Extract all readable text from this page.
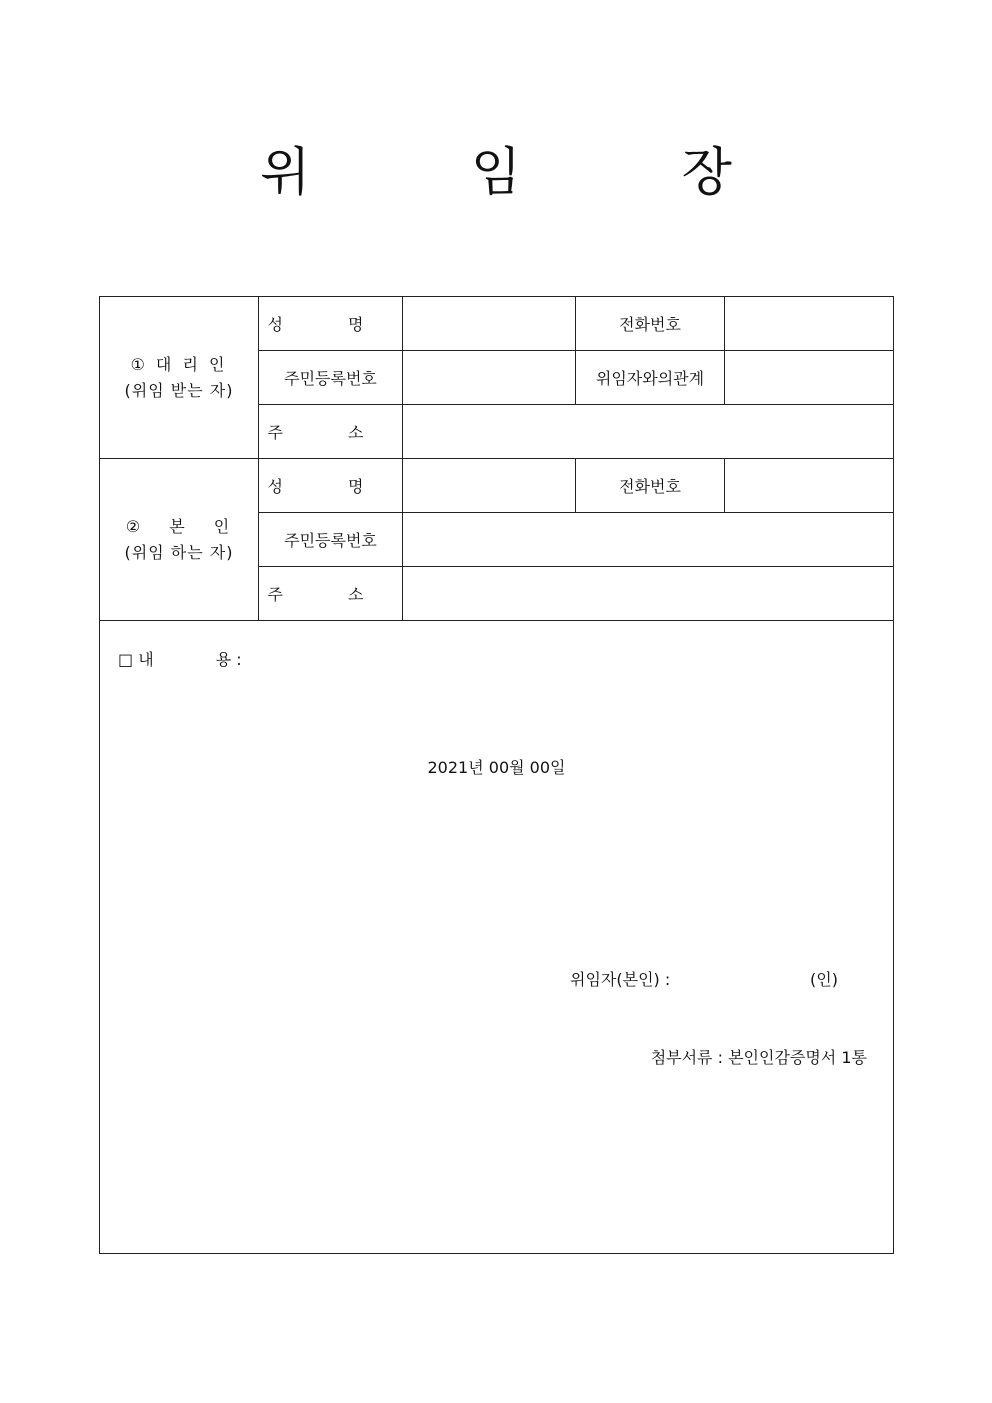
위 임 장
① 대 리 인
(위임 받는 자)	성 명		전화번호	
	주민등록번호		위임자와의관계	
	주 소			

② 본 인
(위임 하는 자)	성 명		전화번호	
	주민등록번호			
	주 소			

□ 내 용 :
2021년 00월 00일
위임자(본인) : (인)
첨부서류 : 본인인감증명서 1통				
